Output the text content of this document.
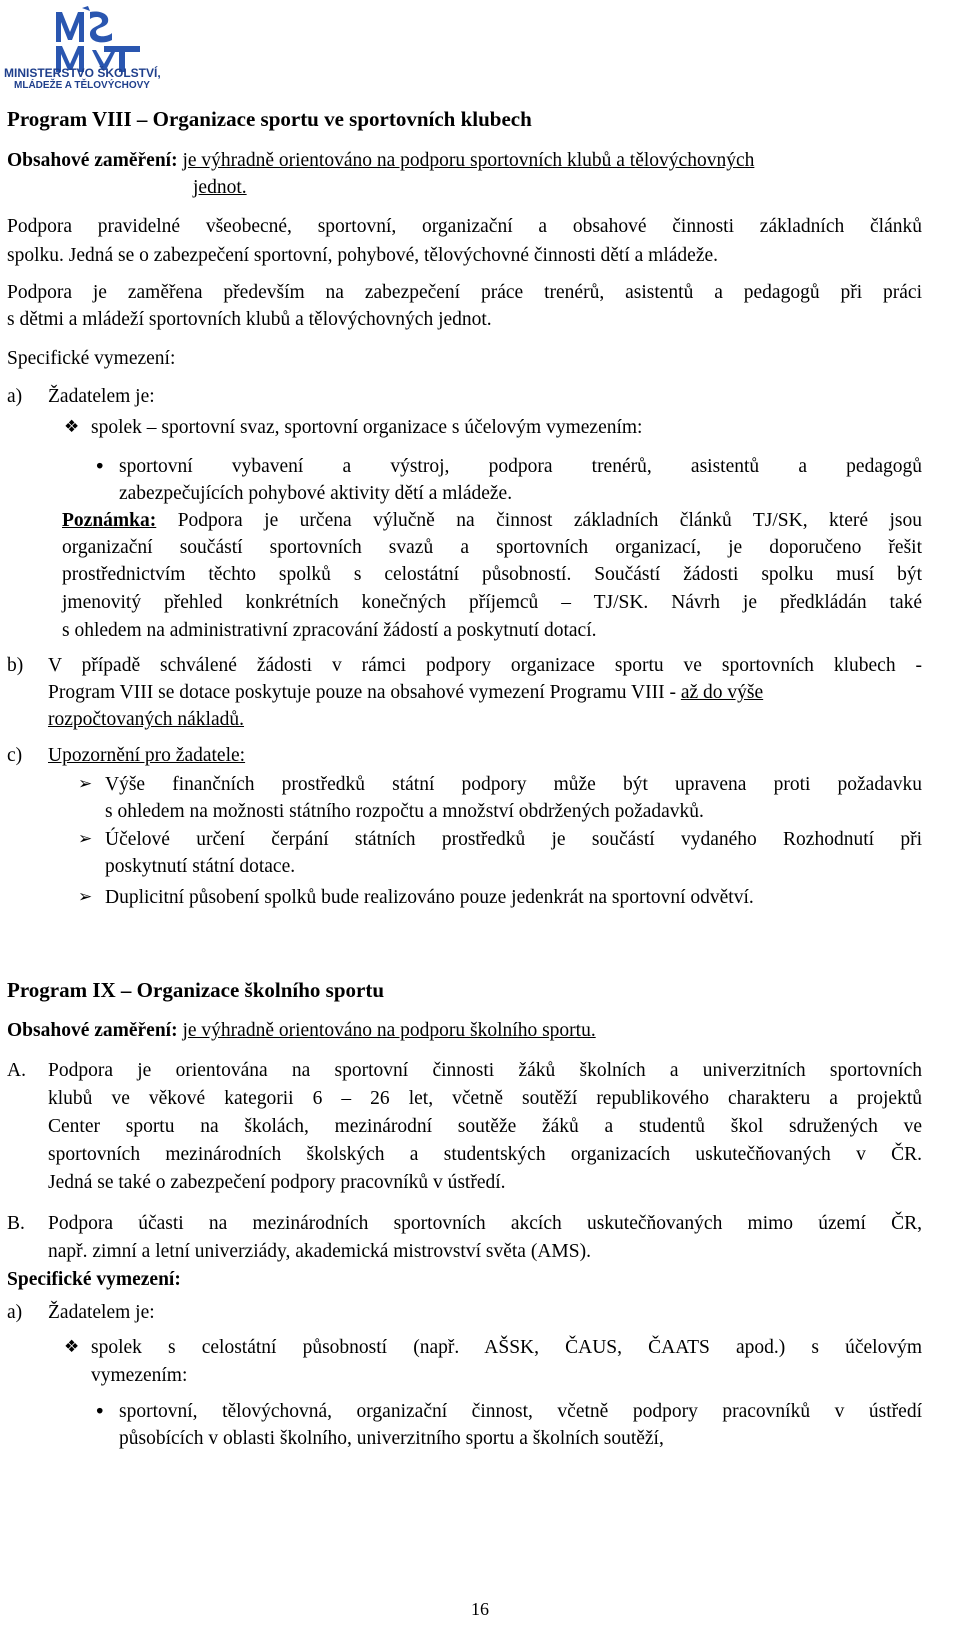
MINISTERSTVO ŠKOLSTVÍ,
MLÁDEŽE A TĚLOVÝCHOVY
Program VIII – Organizace sportu ve sportovních klubech
Obsahové zaměření: je výhradně orientováno na podporu sportovních klubů a tělovýchovných
jednot.
Podpora pravidelné všeobecné, sportovní, organizační a obsahové činnosti základních článků
spolku. Jedná se o zabezpečení sportovní, pohybové, tělovýchovné činnosti dětí a mládeže.
Podpora je zaměřena především na zabezpečení práce trenérů, asistentů a pedagogů při práci
s dětmi a mládeží sportovních klubů a tělovýchovných jednot.
Specifické vymezení:
a) Žadatelem je:
❖ spolek – sportovní svaz, sportovní organizace s účelovým vymezením:
• sportovní vybavení a výstroj, podpora trenérů, asistentů a pedagogů
zabezpečujících pohybové aktivity dětí a mládeže.
Poznámka: Podpora je určena výlučně na činnost základních článků TJ/SK, které jsou
organizační součástí sportovních svazů a sportovních organizací, je doporučeno řešit
prostřednictvím těchto spolků s celostátní působností. Součástí žádosti spolku musí být
jmenovitý přehled konkrétních konečných příjemců – TJ/SK. Návrh je předkládán také
s ohledem na administrativní zpracování žádostí a poskytnutí dotací.
b) V případě schválené žádosti v rámci podpory organizace sportu ve sportovních klubech -
Program VIII se dotace poskytuje pouze na obsahové vymezení Programu VIII - až do výše
rozpočtovaných nákladů.
c) Upozornění pro žadatele:
➢ Výše finančních prostředků státní podpory může být upravena proti požadavku
s ohledem na možnosti státního rozpočtu a množství obdržených požadavků.
➢ Účelové určení čerpání státních prostředků je součástí vydaného Rozhodnutí při
poskytnutí státní dotace.
➢ Duplicitní působení spolků bude realizováno pouze jedenkrát na sportovní odvětví.
Program IX – Organizace školního sportu
Obsahové zaměření: je výhradně orientováno na podporu školního sportu.
A. Podpora je orientována na sportovní činnosti žáků školních a univerzitních sportovních
klubů ve věkové kategorii 6 – 26 let, včetně soutěží republikového charakteru a projektů
Center sportu na školách, mezinárodní soutěže žáků a studentů škol sdružených ve
sportovních mezinárodních školských a studentských organizacích uskutečňovaných v ČR.
Jedná se také o zabezpečení podpory pracovníků v ústředí.
B. Podpora účasti na mezinárodních sportovních akcích uskutečňovaných mimo území ČR,
např. zimní a letní univerziády, akademická mistrovství světa (AMS).
Specifické vymezení:
a) Žadatelem je:
❖ spolek s celostátní působností (např. AŠSK, ČAUS, ČAATS apod.) s účelovým
vymezením:
• sportovní, tělovýchovná, organizační činnost, včetně podpory pracovníků v ústředí
působících v oblasti školního, univerzitního sportu a školních soutěží,
16
